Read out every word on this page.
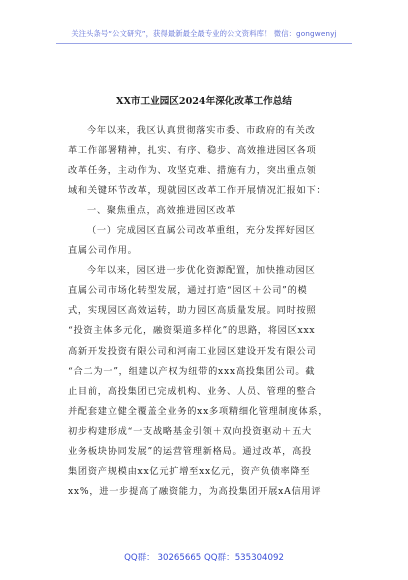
关注头条号“公文研究”，获得最新最全最专业的公文资料库！ 微信：gongwenyj
XX市工业园区2024年深化改革工作总结
今年以来，我区认真贯彻落实市委、市政府的有关改
革工作部署精神，扎实、有序、稳步、高效推进园区各项
改革任务，主动作为、攻坚克难、措施有力，突出重点领
域和关键环节改革，现就园区改革工作开展情况汇报如下：
一、聚焦重点，高效推进园区改革
（一）完成园区直属公司改革重组，充分发挥好园区
直属公司作用。
今年以来，园区进一步优化资源配置，加快推动园区
直属公司市场化转型发展，通过打造“园区＋公司”的模
式，实现园区高效运转，助力园区高质量发展。同时按照
“投资主体多元化，融资渠道多样化”的思路，将园区xxx
高新开发投资有限公司和河南工业园区建设开发有限公司
“合二为一”，组建以产权为纽带的xxx高投集团公司。截
止目前，高投集团已完成机构、业务、人员、管理的整合
并配套建立健全覆盖全业务的xx多项精细化管理制度体系，
初步构建形成“一支战略基金引领＋双向投资驱动＋五大
业务板块协同发展”的运营管理新格局。通过改革，高投
集团资产规模由xx亿元扩增至xx亿元，资产负债率降至
xx%，进一步提高了融资能力，为高投集团开展xA信用评
QQ群： 30265665 QQ群：535304092
